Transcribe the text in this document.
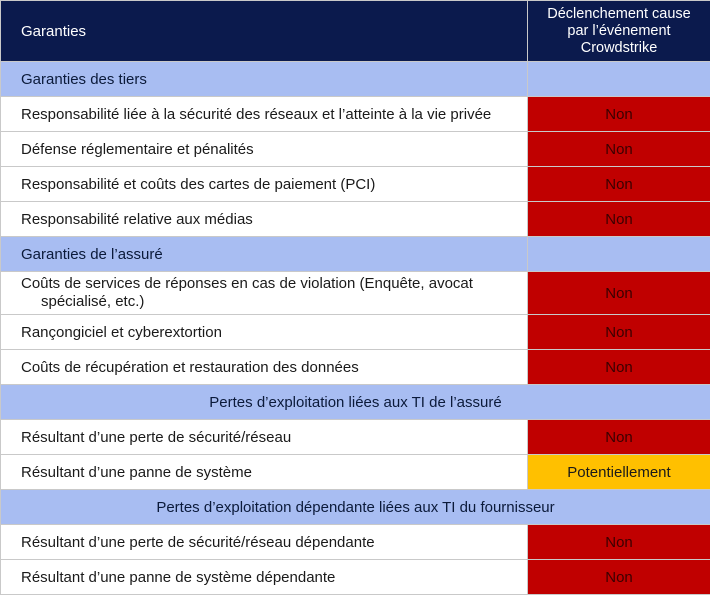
Garanties	Déclenchement cause
par l’événement
Crowdstrike
Garanties des tiers	
Responsabilité liée à la sécurité des réseaux et l’atteinte à la vie privée	Non
Défense réglementaire et pénalités	Non
Responsabilité et coûts des cartes de paiement (PCI)	Non
Responsabilité relative aux médias	Non
Garanties de l’assuré	
Coûts de services de réponses en cas de violation (Enquête, avocat
spécialisé, etc.)	Non
Rançongiciel et cyberextortion	Non
Coûts de récupération et restauration des données	Non
Pertes d’exploitation liées aux TI de l’assuré	
Résultant d’une perte de sécurité/réseau	Non
Résultant d’une panne de système	Potentiellement
Pertes d’exploitation dépendante liées aux TI du fournisseur	
Résultant d’une perte de sécurité/réseau dépendante	Non
Résultant d’une panne de système dépendante	Non
